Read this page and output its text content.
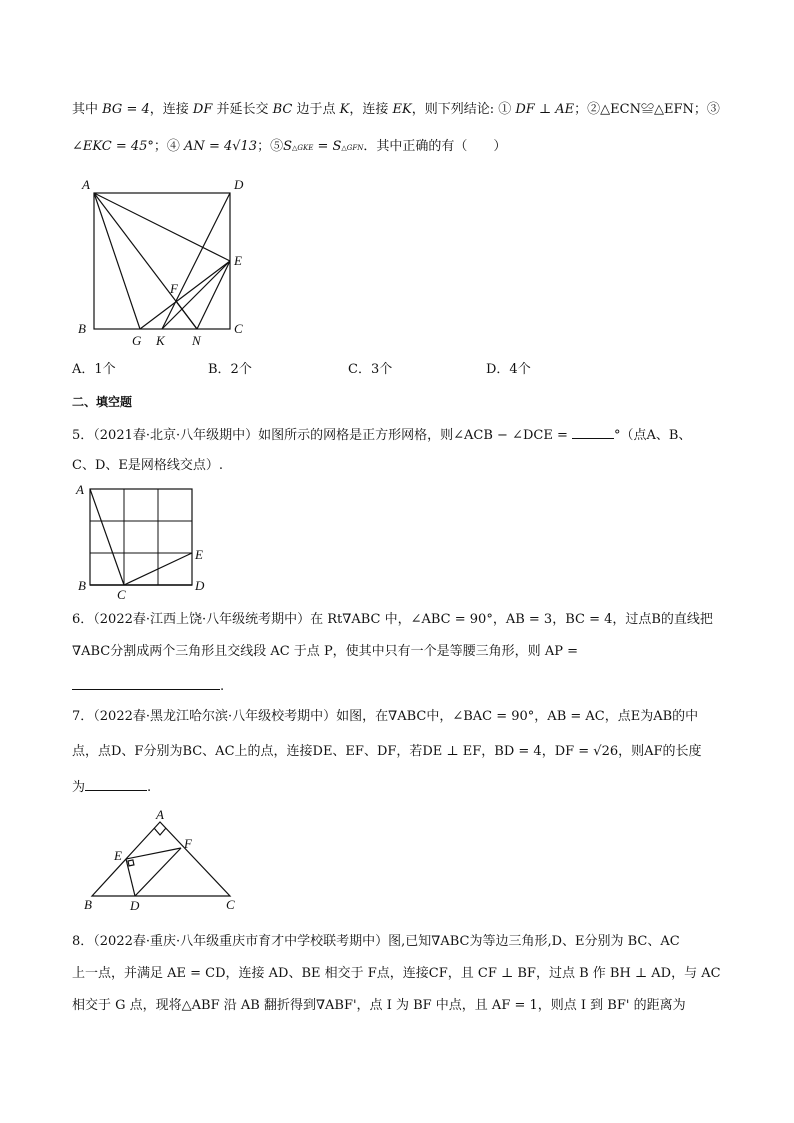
其中 BG = 4，连接 DF 并延长交 BC 边于点 K，连接 EK，则下列结论: ① DF ⊥ AE；②△ECN≌△EFN；③
∠EKC = 45°；④ AN = 4√13；⑤S△GKE = S△GFN．其中正确的有（　　）
A	D
E
F
B
G K N
C
A．1个	B．2个	C．3个	D．4个
二、填空题
5．（2021春·北京·八年级期中）如图所示的网格是正方形网格，则∠ACB − ∠DCE =	°（点A、B、
C、D、E是网格线交点）.
A
E
B
C
D
6．（2022春·江西上饶·八年级统考期中）在 Rt∇ABC 中，∠ABC = 90°，AB = 3，BC = 4，过点B的直线把
∇ABC分割成两个三角形且交线段 AC 于点 P，使其中只有一个是等腰三角形，则 AP =
.
7．（2022春·黑龙江哈尔滨·八年级校考期中）如图，在∇ABC中，∠BAC = 90°，AB = AC，点E为AB的中
点，点D、F分别为BC、AC上的点，连接DE、EF、DF，若DE ⊥ EF，BD = 4，DF = √26，则AF的长度
为	.
A
F
E
B	D	C
8．（2022春·重庆·八年级重庆市育才中学校联考期中）图,已知∇ABC为等边三角形,D、E分别为 BC、AC
上一点，并满足 AE = CD，连接 AD、BE 相交于 F点，连接CF，且 CF ⊥ BF，过点 B 作 BH ⊥ AD，与 AC
相交于 G 点，现将△ABF 沿 AB 翻折得到∇ABF'，点 I 为 BF 中点，且 AF = 1，则点 I 到 BF' 的距离为
